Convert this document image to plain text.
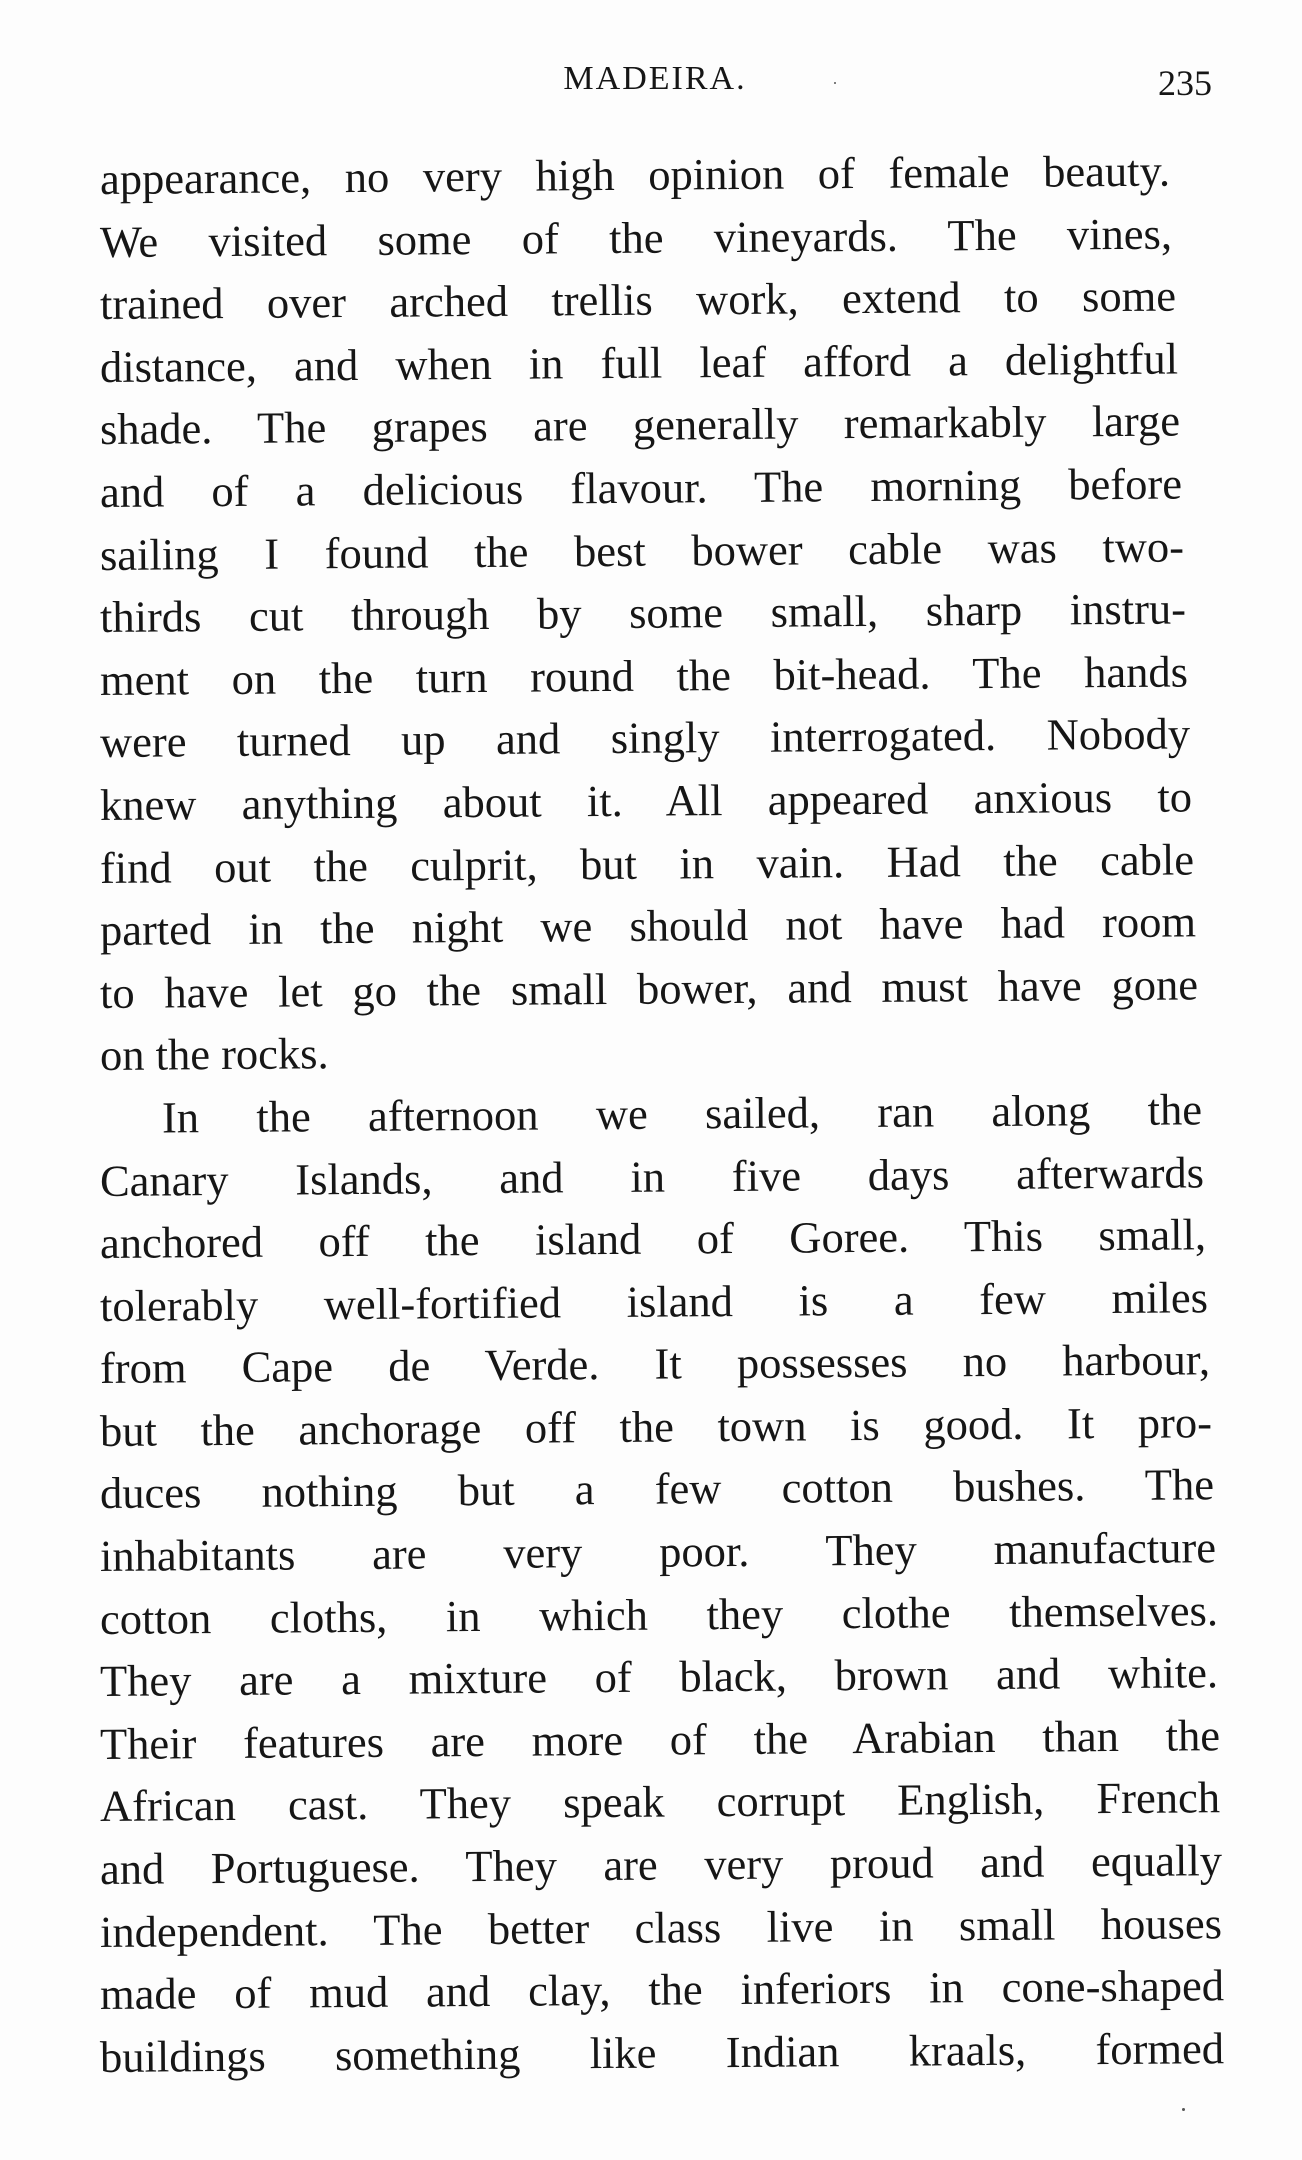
MADEIRA.	235
appearance, no very high opinion of female beauty.
We visited some of the vineyards. The vines,
trained over arched trellis work, extend to some
distance, and when in full leaf afford a delightful
shade. The grapes are generally remarkably large
and of a delicious flavour. The morning before
sailing I found the best bower cable was two-
thirds cut through by some small, sharp instru-
ment on the turn round the bit-head. The hands
were turned up and singly interrogated. Nobody
knew anything about it. All appeared anxious to
find out the culprit, but in vain. Had the cable
parted in the night we should not have had room
to have let go the small bower, and must have gone
on the rocks.
In the afternoon we sailed, ran along the
Canary Islands, and in five days afterwards
anchored off the island of Goree. This small,
tolerably well-fortified island is a few miles
from Cape de Verde. It possesses no harbour,
but the anchorage off the town is good. It pro-
duces nothing but a few cotton bushes. The
inhabitants are very poor. They manufacture
cotton cloths, in which they clothe themselves.
They are a mixture of black, brown and white.
Their features are more of the Arabian than the
African cast. They speak corrupt English, French
and Portuguese. They are very proud and equally
independent. The better class live in small houses
made of mud and clay, the inferiors in cone-shaped
buildings something like Indian kraals, formed
